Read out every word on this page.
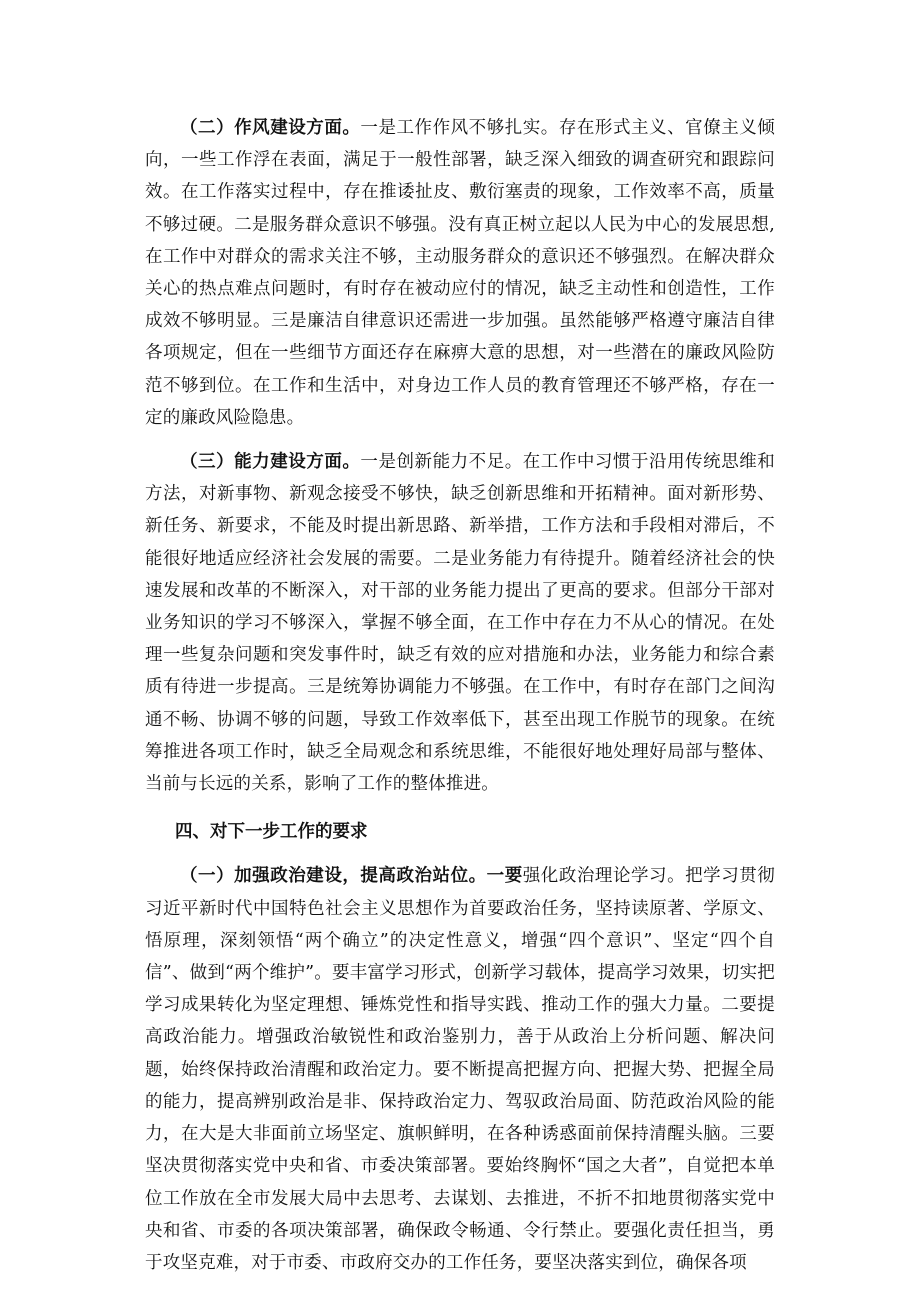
（二）作风建设方面。一是工作作风不够扎实。存在形式主义、官僚主义倾向，一些工作浮在表面，满足于一般性部署，缺乏深入细致的调查研究和跟踪问效。在工作落实过程中，存在推诿扯皮、敷衍塞责的现象，工作效率不高，质量不够过硬。二是服务群众意识不够强。没有真正树立起以人民为中心的发展思想,在工作中对群众的需求关注不够，主动服务群众的意识还不够强烈。在解决群众关心的热点难点问题时，有时存在被动应付的情况，缺乏主动性和创造性，工作成效不够明显。三是廉洁自律意识还需进一步加强。虽然能够严格遵守廉洁自律各项规定，但在一些细节方面还存在麻痹大意的思想，对一些潜在的廉政风险防范不够到位。在工作和生活中，对身边工作人员的教育管理还不够严格，存在一定的廉政风险隐患。

（三）能力建设方面。一是创新能力不足。在工作中习惯于沿用传统思维和方法，对新事物、新观念接受不够快，缺乏创新思维和开拓精神。面对新形势、新任务、新要求，不能及时提出新思路、新举措，工作方法和手段相对滞后，不能很好地适应经济社会发展的需要。二是业务能力有待提升。随着经济社会的快速发展和改革的不断深入，对干部的业务能力提出了更高的要求。但部分干部对业务知识的学习不够深入，掌握不够全面，在工作中存在力不从心的情况。在处理一些复杂问题和突发事件时，缺乏有效的应对措施和办法，业务能力和综合素质有待进一步提高。三是统筹协调能力不够强。在工作中，有时存在部门之间沟通不畅、协调不够的问题，导致工作效率低下，甚至出现工作脱节的现象。在统筹推进各项工作时，缺乏全局观念和系统思维，不能很好地处理好局部与整体、当前与长远的关系，影响了工作的整体推进。

四、对下一步工作的要求

（一）加强政治建设，提高政治站位。一要强化政治理论学习。把学习贯彻习近平新时代中国特色社会主义思想作为首要政治任务，坚持读原著、学原文、悟原理，深刻领悟“两个确立”的决定性意义，增强“四个意识”、坚定“四个自信”、做到“两个维护”。要丰富学习形式，创新学习载体，提高学习效果，切实把学习成果转化为坚定理想、锤炼党性和指导实践、推动工作的强大力量。二要提高政治能力。增强政治敏锐性和政治鉴别力，善于从政治上分析问题、解决问题，始终保持政治清醒和政治定力。要不断提高把握方向、把握大势、把握全局的能力，提高辨别政治是非、保持政治定力、驾驭政治局面、防范政治风险的能力，在大是大非面前立场坚定、旗帜鲜明，在各种诱惑面前保持清醒头脑。三要坚决贯彻落实党中央和省、市委决策部署。要始终胸怀“国之大者”，自觉把本单位工作放在全市发展大局中去思考、去谋划、去推进，不折不扣地贯彻落实党中央和省、市委的各项决策部署，确保政令畅通、令行禁止。要强化责任担当，勇于攻坚克难，对于市委、市政府交办的工作任务，要坚决落实到位，确保各项
